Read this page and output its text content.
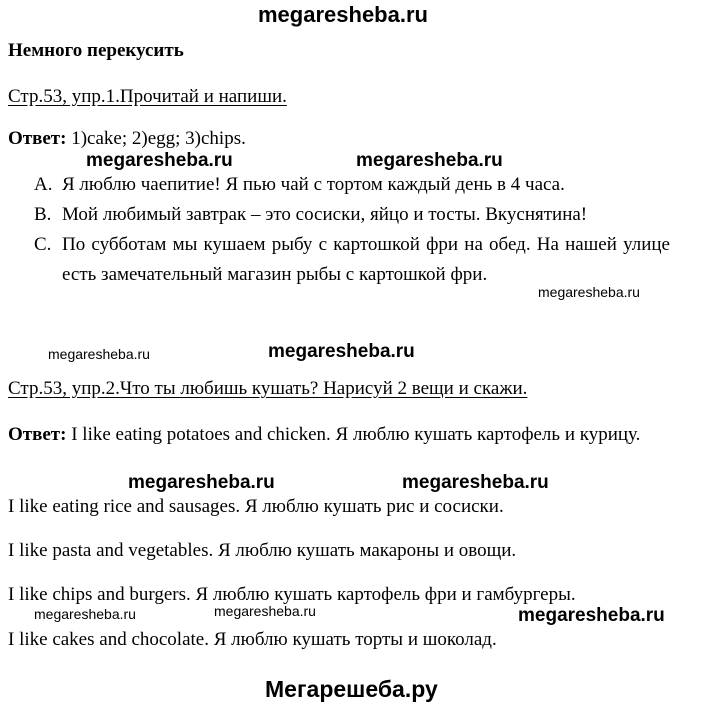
megaresheba.ru
Немного перекусить
Стр.53, упр.1.Прочитай и напиши.
Ответ: 1)cake; 2)egg; 3)chips.
megaresheba.ru	megaresheba.ru
A. Я люблю чаепитие! Я пью чай с тортом каждый день в 4 часа.
B. Мой любимый завтрак – это сосиски, яйцо и тосты. Вкуснятина!
C. По субботам мы кушаем рыбу с картошкой фри на обед. На нашей улице есть замечательный магазин рыбы с картошкой фри.
megaresheba.ru
megaresheba.ru	megaresheba.ru
Стр.53, упр.2.Что ты любишь кушать? Нарисуй 2 вещи и скажи.
Ответ: I like eating potatoes and chicken. Я люблю кушать картофель и курицу.
megaresheba.ru	megaresheba.ru
I like eating rice and sausages. Я люблю кушать рис и сосиски.
I like pasta and vegetables. Я люблю кушать макароны и овощи.
I like chips and burgers. Я люблю кушать картофель фри и гамбургеры.
megaresheba.ru	megaresheba.ru	megaresheba.ru
I like cakes and chocolate. Я люблю кушать торты и шоколад.
Мегарешеба.ру
